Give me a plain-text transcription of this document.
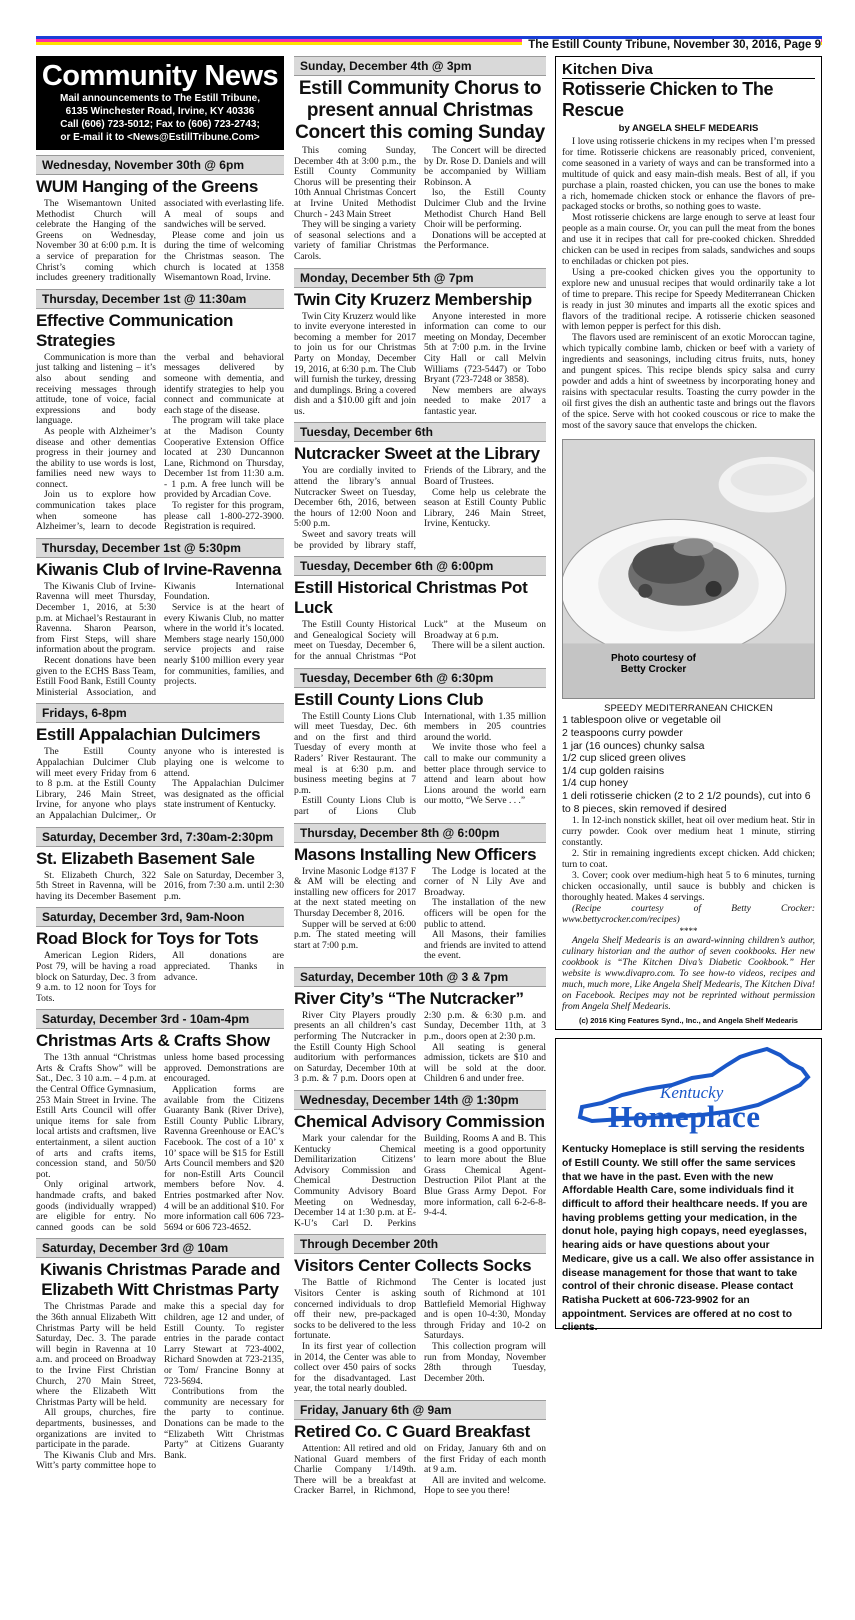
The Estill County Tribune, November 30, 2016, Page 9
Community News

Mail announcements to The Estill Tribune,

6135 Winchester Road, Irvine, KY 40336

Call (606) 723-5012; Fax to (606) 723-2743;

or E-mail it to <News@EstillTribune.Com>

Wednesday, November 30th @ 6pm
WUM Hanging of the Greens

The Wisemantown United Methodist Church will celebrate the Hanging of the Greens on Wednesday, November 30 at 6:00 p.m. It is a service of preparation for Christ’s coming which includes greenery traditionally associated with everlasting life. A meal of soups and sandwiches will be served.

Please come and join us during the time of welcoming the Christmas season. The church is located at 1358 Wisemantown Road, Irvine.

Thursday, December 1st @ 11:30am
Effective Communication Strategies

Communication is more than just talking and listening – it’s also about sending and receiving messages through attitude, tone of voice, facial expressions and body language.

As people with Alzheimer’s disease and other dementias progress in their journey and the ability to use words is lost, families need new ways to connect.

Join us to explore how communication takes place when someone has Alzheimer’s, learn to decode the verbal and behavioral messages delivered by someone with dementia, and identify strategies to help you connect and communicate at each stage of the disease.

The program will take place at the Madison County Cooperative Extension Office located at 230 Duncannon Lane, Richmond on Thursday, December 1st from 11:30 a.m. - 1 p.m. A free lunch will be provided by Arcadian Cove.

To register for this program, please call 1-800-272-3900. Registration is required.

Thursday, December 1st @ 5:30pm
Kiwanis Club of Irvine-Ravenna

The Kiwanis Club of Irvine-Ravenna will meet Thursday, December 1, 2016, at 5:30 p.m. at Michael’s Restaurant in Ravenna. Sharon Pearson, from First Steps, will share information about the program.

Recent donations have been given to the ECHS Bass Team, Estill Food Bank, Estill County Ministerial Association, and Kiwanis International Foundation.

Service is at the heart of every Kiwanis Club, no matter where in the world it’s located. Members stage nearly 150,000 service projects and raise nearly $100 million every year for communities, families, and projects.

Fridays, 6-8pm
Estill Appalachian Dulcimers

The Estill County Appalachian Dulcimer Club will meet every Friday from 6 to 8 p.m. at the Estill County Library, 246 Main Street, Irvine, for anyone who plays an Appalachian Dulcimer,. Or anyone who is interested is playing one is welcome to attend.

The Appalachian Dulcimer was designated as the official state instrument of Kentucky.

Saturday, December 3rd, 7:30am-2:30pm
St. Elizabeth Basement Sale

St. Elizabeth Church, 322 5th Street in Ravenna, will be having its December Basement Sale on Saturday, December 3, 2016, from 7:30 a.m. until 2:30 p.m.

Saturday, December 3rd, 9am-Noon
Road Block for Toys for Tots

American Legion Riders, Post 79, will be having a road block on Saturday, Dec. 3 from 9 a.m. to 12 noon for Toys for Tots.

All donations are appreciated. Thanks in advance.

Saturday, December 3rd - 10am-4pm
Christmas Arts & Crafts Show

The 13th annual “Christmas Arts & Crafts Show” will be Sat., Dec. 3 10 a.m. – 4 p.m. at the Central Office Gymnasium, 253 Main Street in Irvine. The Estill Arts Council will offer unique items for sale from local artists and craftsmen, live entertainment, a silent auction of arts and crafts items, concession stand, and 50/50 pot.

Only original artwork, handmade crafts, and baked goods (individually wrapped) are eligible for entry. No canned goods can be sold unless home based processing approved. Demonstrations are encouraged.

Application forms are available from the Citizens Guaranty Bank (River Drive), Estill County Public Library, Ravenna Greenhouse or EAC’s Facebook. The cost of a 10’ x 10’ space will be $15 for Estill Arts Council members and $20 for non-Estill Arts Council members before Nov. 4. Entries postmarked after Nov. 4 will be an additional $10. For more information call 606 723-5694 or 606 723-4652.

Saturday, December 3rd @ 10am
Kiwanis Christmas Parade and Elizabeth Witt Christmas Party

The Christmas Parade and the 36th annual Elizabeth Witt Christmas Party will be held Saturday, Dec. 3. The parade will begin in Ravenna at 10 a.m. and proceed on Broadway to the Irvine First Christian Church, 270 Main Street, where the Elizabeth Witt Christmas Party will be held.

All groups, churches, fire departments, businesses, and organizations are invited to participate in the parade.

The Kiwanis Club and Mrs. Witt’s party committee hope to make this a special day for children, age 12 and under, of Estill County. To register entries in the parade contact Larry Stewart at 723-4002, Richard Snowden at 723-2135, or Tom/ Francine Bonny at 723-5694.

Contributions from the community are necessary for the party to continue. Donations can be made to the “Elizabeth Witt Christmas Party” at Citizens Guaranty Bank.

Sunday, December 4th @ 3pm
Estill Community Chorus to present annual Christmas Concert this coming Sunday

This coming Sunday, December 4th at 3:00 p.m., the Estill County Community Chorus will be presenting their 10th Annual Christmas Concert at Irvine United Methodist Church - 243 Main Street

They will be singing a variety of seasonal selections and a variety of familiar Christmas Carols.

The Concert will be directed by Dr. Rose D. Daniels and will be accompanied by William Robinson. A

lso, the Estill County Dulcimer Club and the Irvine Methodist Church Hand Bell Choir will be performing.

Donations will be accepted at the Performance.

Monday, December 5th @ 7pm
Twin City Kruzerz Membership

Twin City Kruzerz would like to invite everyone interested in becoming a member for 2017 to join us for our Christmas Party on Monday, December 19, 2016, at 6:30 p.m. The Club will furnish the turkey, dressing and dumplings. Bring a covered dish and a $10.00 gift and join us.

Anyone interested in more information can come to our meeting on Monday, December 5th at 7:00 p.m. in the Irvine City Hall or call Melvin Williams (723-5447) or Tobo Bryant (723-7248 or 3858).

New members are always needed to make 2017 a fantastic year.

Tuesday, December 6th
Nutcracker Sweet at the Library

You are cordially invited to attend the library’s annual Nutcracker Sweet on Tuesday, December 6th, 2016, between the hours of 12:00 Noon and 5:00 p.m.

Sweet and savory treats will be provided by library staff, Friends of the Library, and the Board of Trustees.

Come help us celebrate the season at Estill County Public Library, 246 Main Street, Irvine, Kentucky.

Tuesday, December 6th @ 6:00pm
Estill Historical Christmas Pot Luck

The Estill County Historical and Genealogical Society will meet on Tuesday, December 6, for the annual Christmas “Pot Luck” at the Museum on Broadway at 6 p.m.

There will be a silent auction.

Tuesday, December 6th @ 6:30pm
Estill County Lions Club

The Estill County Lions Club will meet Tuesday, Dec. 6th and on the first and third Tuesday of every month at Raders’ River Restaurant. The meal is at 6:30 p.m. and business meeting begins at 7 p.m.

Estill County Lions Club is part of Lions Club International, with 1.35 million members in 205 countries around the world.

We invite those who feel a call to make our community a better place through service to attend and learn about how Lions around the world earn our motto, “We Serve . . .”

Thursday, December 8th @ 6:00pm
Masons Installing New Officers

Irvine Masonic Lodge #137 F & AM will be electing and installing new officers for 2017 at the next stated meeting on Thursday December 8, 2016.

Supper will be served at 6:00 p.m. The stated meeting will start at 7:00 p.m.

The Lodge is located at the corner of N Lily Ave and Broadway.

The installation of the new officers will be open for the public to attend.

All Masons, their families and friends are invited to attend the event.

Saturday, December 10th @ 3 & 7pm
River City’s “The Nutcracker”

River City Players proudly presents an all children’s cast performing The Nutcracker in the Estill County High School auditorium with performances on Saturday, December 10th at 3 p.m. & 7 p.m. Doors open at 2:30 p.m. & 6:30 p.m. and Sunday, December 11th, at 3 p.m., doors open at 2:30 p.m.

All seating is general admission, tickets are $10 and will be sold at the door. Children 6 and under free.

Wednesday, December 14th @ 1:30pm
Chemical Advisory Commission

Mark your calendar for the Kentucky Chemical Demilitarization Citizens’ Advisory Commission and Chemical Destruction Community Advisory Board Meeting on Wednesday, December 14 at 1:30 p.m. at E-K-U’s Carl D. Perkins Building, Rooms A and B. This meeting is a good opportunity to learn more about the Blue Grass Chemical Agent-Destruction Pilot Plant at the Blue Grass Army Depot. For more information, call 6-2-6-8-9-4-4.

Through December 20th
Visitors Center Collects Socks

The Battle of Richmond Visitors Center is asking concerned individuals to drop off their new, pre-packaged socks to be delivered to the less fortunate.

In its first year of collection in 2014, the Center was able to collect over 450 pairs of socks for the disadvantaged. Last year, the total nearly doubled.

The Center is located just south of Richmond at 101 Battlefield Memorial Highway and is open 10-4:30, Monday through Friday and 10-2 on Saturdays.

This collection program will run from Monday, November 28th through Tuesday, December 20th.

Friday, January 6th @ 9am
Retired Co. C Guard Breakfast

Attention: All retired and old National Guard members of Charlie Company 1/149th. There will be a breakfast at Cracker Barrel, in Richmond, on Friday, January 6th and on the first Friday of each month at 9 a.m.

All are invited and welcome. Hope to see you there!

Kitchen Diva
Rotisserie Chicken to The Rescue
by ANGELA SHELF MEDEARIS

I love using rotisserie chickens in my recipes when I’m pressed for time. Rotisserie chickens are reasonably priced, convenient, come seasoned in a variety of ways and can be transformed into a multitude of quick and easy main-dish meals. Best of all, if you purchase a plain, roasted chicken, you can use the bones to make a rich, homemade chicken stock or enhance the flavors of pre-packaged stocks or broths, so nothing goes to waste.

Most rotisserie chickens are large enough to serve at least four people as a main course. Or, you can pull the meat from the bones and use it in recipes that call for pre-cooked chicken. Shredded chicken can be used in recipes from salads, sandwiches and soups to enchiladas or chicken pot pies.

Using a pre-cooked chicken gives you the opportunity to explore new and unusual recipes that would ordinarily take a lot of time to prepare. This recipe for Speedy Mediterranean Chicken is ready in just 30 minutes and imparts all the exotic spices and flavors of the traditional recipe. A rotisserie chicken seasoned with lemon pepper is perfect for this dish.

The flavors used are reminiscent of an exotic Moroccan tagine, which typically combine lamb, chicken or beef with a variety of ingredients and seasonings, including citrus fruits, nuts, honey and pungent spices. This recipe blends spicy salsa and curry powder and adds a hint of sweetness by incorporating honey and raisins with spectacular results. Toasting the curry powder in the oil first gives the dish an authentic taste and brings out the flavors of the spice. Serve with hot cooked couscous or rice to make the most of the savory sauce that envelops the chicken.

Photo courtesy of
Betty Crocker
SPEEDY MEDITERRANEAN CHICKEN
1 tablespoon olive or vegetable oil
2 teaspoons curry powder
1 jar (16 ounces) chunky salsa
1/2 cup sliced green olives
1/4 cup golden raisins
1/4 cup honey
1 deli rotisserie chicken (2 to 2 1/2 pounds), cut into 6 to 8 pieces, skin removed if desired

1. In 12-inch nonstick skillet, heat oil over medium heat. Stir in curry powder. Cook over medium heat 1 minute, stirring constantly.

2. Stir in remaining ingredients except chicken. Add chicken; turn to coat.

3. Cover; cook over medium-high heat 5 to 6 minutes, turning chicken occasionally, until sauce is bubbly and chicken is thoroughly heated. Makes 4 servings.

(Recipe courtesy of Betty Crocker: www.bettycrocker.com/recipes)

****
Angela Shelf Medearis is an award-winning children’s author, culinary historian and the author of seven cookbooks. Her new cookbook is “The Kitchen Diva’s Diabetic Cookbook.” Her website is www.divapro.com. To see how-to videos, recipes and much, much more, Like Angela Shelf Medearis, The Kitchen Diva! on Facebook. Recipes may not be reprinted without permission from Angela Shelf Medearis.
(c) 2016 King Features Synd., Inc., and Angela Shelf Medearis
Kentucky
Homeplace
Kentucky Homeplace is still serving the residents of Estill County. We still offer the same services that we have in the past. Even with the new Affordable Health Care, some individuals find it difficult to afford their healthcare needs. If you are having problems getting your medication, in the donut hole, paying high copays, need eyeglasses, hearing aids or have questions about your Medicare, give us a call. We also offer assistance in disease management for those that want to take control of their chronic disease. Please contact Ratisha Puckett at 606-723-9902 for an appointment. Services are offered at no cost to clients.
